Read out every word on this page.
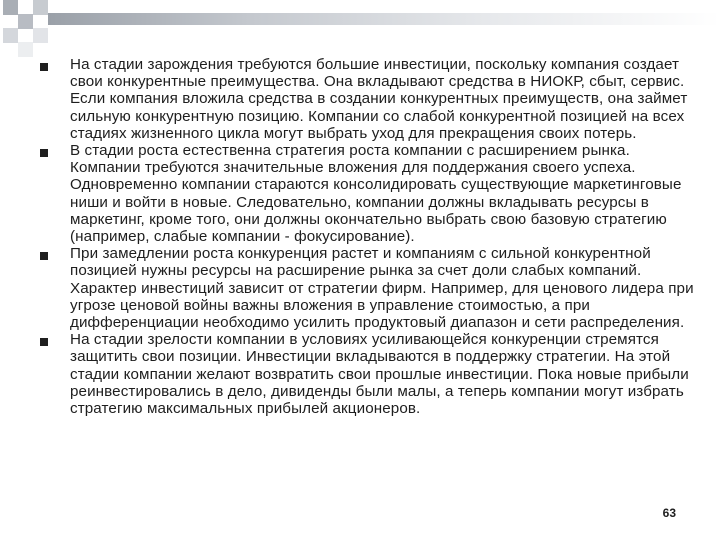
На стадии зарождения требуются большие инвестиции, поскольку компания создает свои конкурентные преимущества. Она вкладывают средства в НИОКР, сбыт, сервис. Если компания вложила средства в создании конкурентных преимуществ, она займет сильную конкурентную позицию. Компании со слабой конкурентной позицией на всех стадиях жизненного цикла могут выбрать уход для прекращения своих потерь.
В стадии роста естественна стратегия роста компании с расширением рынка. Компании требуются значительные вложения для поддержания своего успеха. Одновременно компании стараются консолидировать существующие маркетинговые ниши и войти в новые. Следовательно, компании должны вкладывать ресурсы в маркетинг, кроме того, они должны окончательно выбрать свою базовую стратегию (например, слабые компании - фокусирование).
При замедлении роста конкуренция растет и компаниям с сильной конкурентной позицией нужны ресурсы на расширение рынка за счет доли слабых компаний. Характер инвестиций зависит от стратегии фирм. Например, для ценового лидера при угрозе ценовой войны важны вложения в управление стоимостью, а при дифференциации необходимо усилить продуктовый диапазон и сети распределения.
На стадии зрелости компании в условиях усиливающейся конкуренции стремятся защитить свои позиции. Инвестиции вкладываются в поддержку стратегии. На этой стадии компании желают возвратить свои прошлые инвестиции. Пока новые прибыли реинвестировались в дело, дивиденды были малы, а теперь компании могут избрать стратегию максимальных прибылей акционеров.
63
